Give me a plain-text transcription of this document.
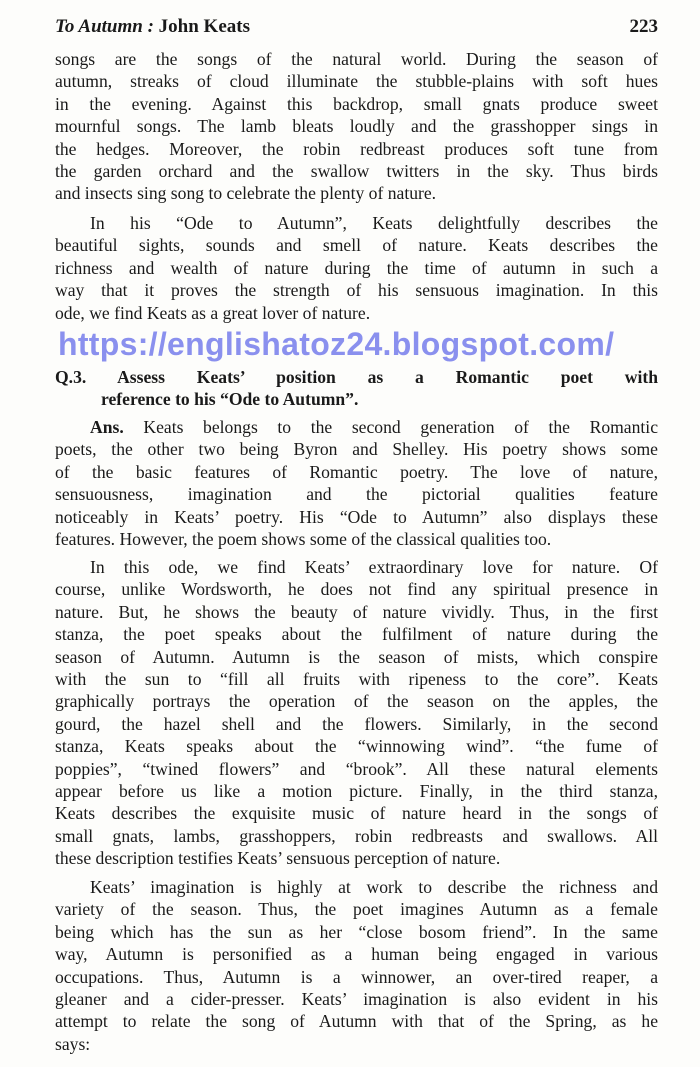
To Autumn : John Keats	223
songs are the songs of the natural world. During the season of
autumn, streaks of cloud illuminate the stubble-plains with soft hues
in the evening. Against this backdrop, small gnats produce sweet
mournful songs. The lamb bleats loudly and the grasshopper sings in
the hedges. Moreover, the robin redbreast produces soft tune from
the garden orchard and the swallow twitters in the sky. Thus birds
and insects sing song to celebrate the plenty of nature.
In his “Ode to Autumn”, Keats delightfully describes the
beautiful sights, sounds and smell of nature. Keats describes the
richness and wealth of nature during the time of autumn in such a
way that it proves the strength of his sensuous imagination. In this
ode, we find Keats as a great lover of nature.
https://englishatoz24.blogspot.com/
Q.3. Assess Keats’ position as a Romantic poet with
reference to his “Ode to Autumn”.
Ans. Keats belongs to the second generation of the Romantic
poets, the other two being Byron and Shelley. His poetry shows some
of the basic features of Romantic poetry. The love of nature,
sensuousness, imagination and the pictorial qualities feature
noticeably in Keats’ poetry. His “Ode to Autumn” also displays these
features. However, the poem shows some of the classical qualities too.
In this ode, we find Keats’ extraordinary love for nature. Of
course, unlike Wordsworth, he does not find any spiritual presence in
nature. But, he shows the beauty of nature vividly. Thus, in the first
stanza, the poet speaks about the fulfilment of nature during the
season of Autumn. Autumn is the season of mists, which conspire
with the sun to “fill all fruits with ripeness to the core”. Keats
graphically portrays the operation of the season on the apples, the
gourd, the hazel shell and the flowers. Similarly, in the second
stanza, Keats speaks about the “winnowing wind”. “the fume of
poppies”, “twined flowers” and “brook”. All these natural elements
appear before us like a motion picture. Finally, in the third stanza,
Keats describes the exquisite music of nature heard in the songs of
small gnats, lambs, grasshoppers, robin redbreasts and swallows. All
these description testifies Keats’ sensuous perception of nature.
Keats’ imagination is highly at work to describe the richness and
variety of the season. Thus, the poet imagines Autumn as a female
being which has the sun as her “close bosom friend”. In the same
way, Autumn is personified as a human being engaged in various
occupations. Thus, Autumn is a winnower, an over-tired reaper, a
gleaner and a cider-presser. Keats’ imagination is also evident in his
attempt to relate the song of Autumn with that of the Spring, as he
says:
